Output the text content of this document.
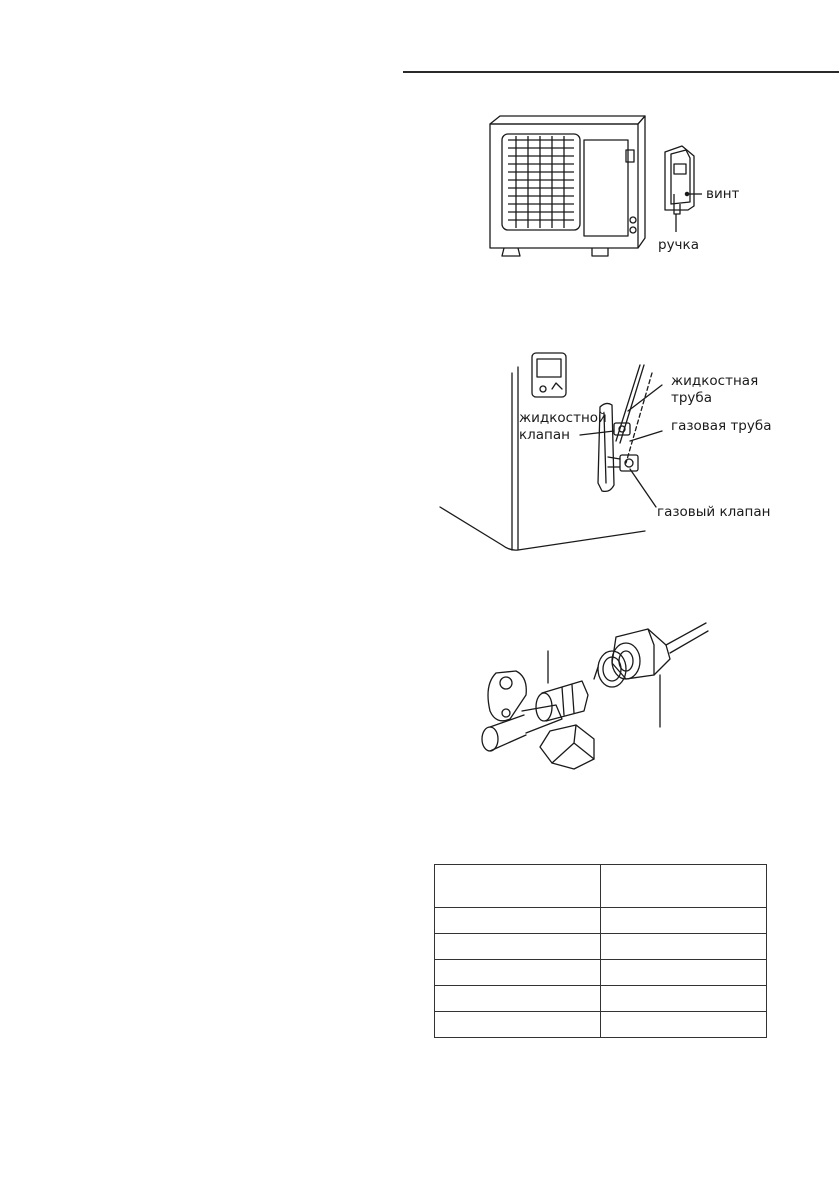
винт
ручка
жидкостная
труба
жидкостной
клапан
газовая труба
газовый клапан
